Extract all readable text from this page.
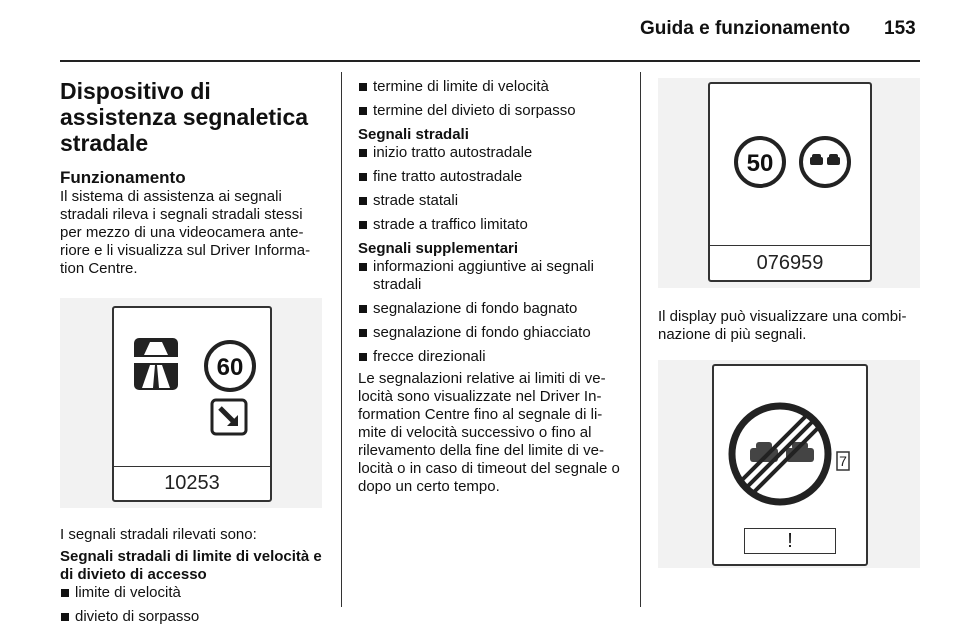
Guida e funzionamento 153
Dispositivo di assistenza segnaletica stradale
Funzionamento

Il sistema di assistenza ai segnali stradali rileva i segnali stradali stessi per mezzo di una videocamera ante-riore e li visualizza sul Driver Informa-tion Centre.

60
10253

I segnali stradali rilevati sono:

Segnali stradali di limite di velocità e di divieto di accesso
limite di velocità
divieto di sorpasso
termine di limite di velocità
termine del divieto di sorpasso
Segnali stradali
inizio tratto autostradale
fine tratto autostradale
strade statali
strade a traffico limitato
Segnali supplementari
informazioni aggiuntive ai segnali stradali
segnalazione di fondo bagnato
segnalazione di fondo ghiacciato
frecce direzionali

Le segnalazioni relative ai limiti di ve-locità sono visualizzate nel Driver In-formation Centre fino al segnale di li-mite di velocità successivo o fino al rilevamento della fine del limite di ve-locità o in caso di timeout del segnale o dopo un certo tempo.

50
076959

Il display può visualizzare una combi-nazione di più segnali.

7
!
